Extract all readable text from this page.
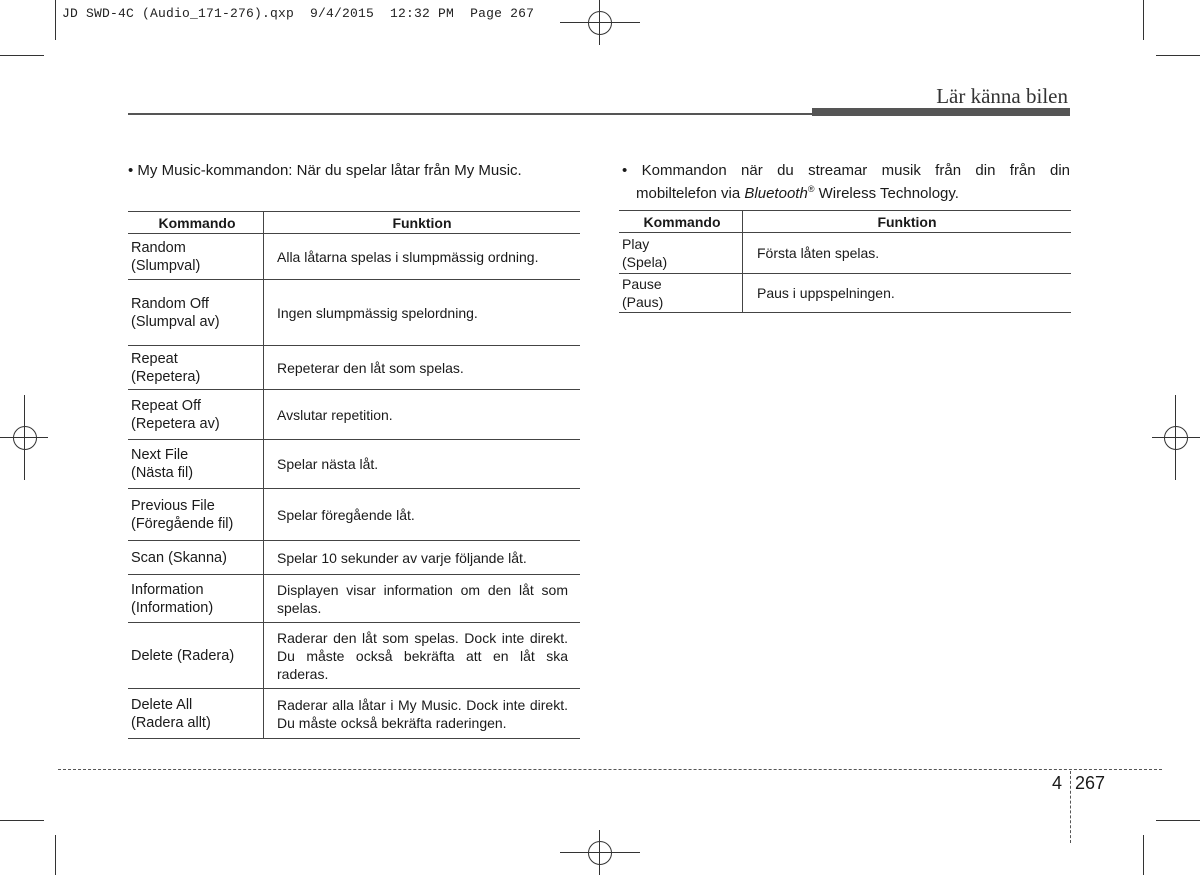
JD SWD-4C (Audio_171-276).qxp  9/4/2015  12:32 PM  Page 267
Lär känna bilen
• My Music-kommandon: När du spelar låtar från My Music.
Kommando	Funktion
Random
(Slumpval)	Alla låtarna spelas i slumpmässig ordning.
Random Off
(Slumpval av)	Ingen slumpmässig spelordning.
Repeat
(Repetera)	Repeterar den låt som spelas.
Repeat Off
(Repetera av)	Avslutar repetition.
Next File
(Nästa fil)	Spelar nästa låt.
Previous File
(Föregående fil)	Spelar föregående låt.
Scan (Skanna)	Spelar 10 sekunder av varje följande låt.
Information
(Information)	Displayen visar information om den låt som spelas.
Delete (Radera)	Raderar den låt som spelas. Dock inte direkt. Du måste också bekräfta att en låt ska raderas.
Delete All
(Radera allt)	Raderar alla låtar i My Music. Dock inte direkt. Du måste också bekräfta raderingen.
• Kommandon när du streamar musik från din från din
mobiltelefon via Bluetooth® Wireless Technology.
Kommando	Funktion
Play
(Spela)	Första låten spelas.
Pause
(Paus)	Paus i uppspelningen.
4 267
